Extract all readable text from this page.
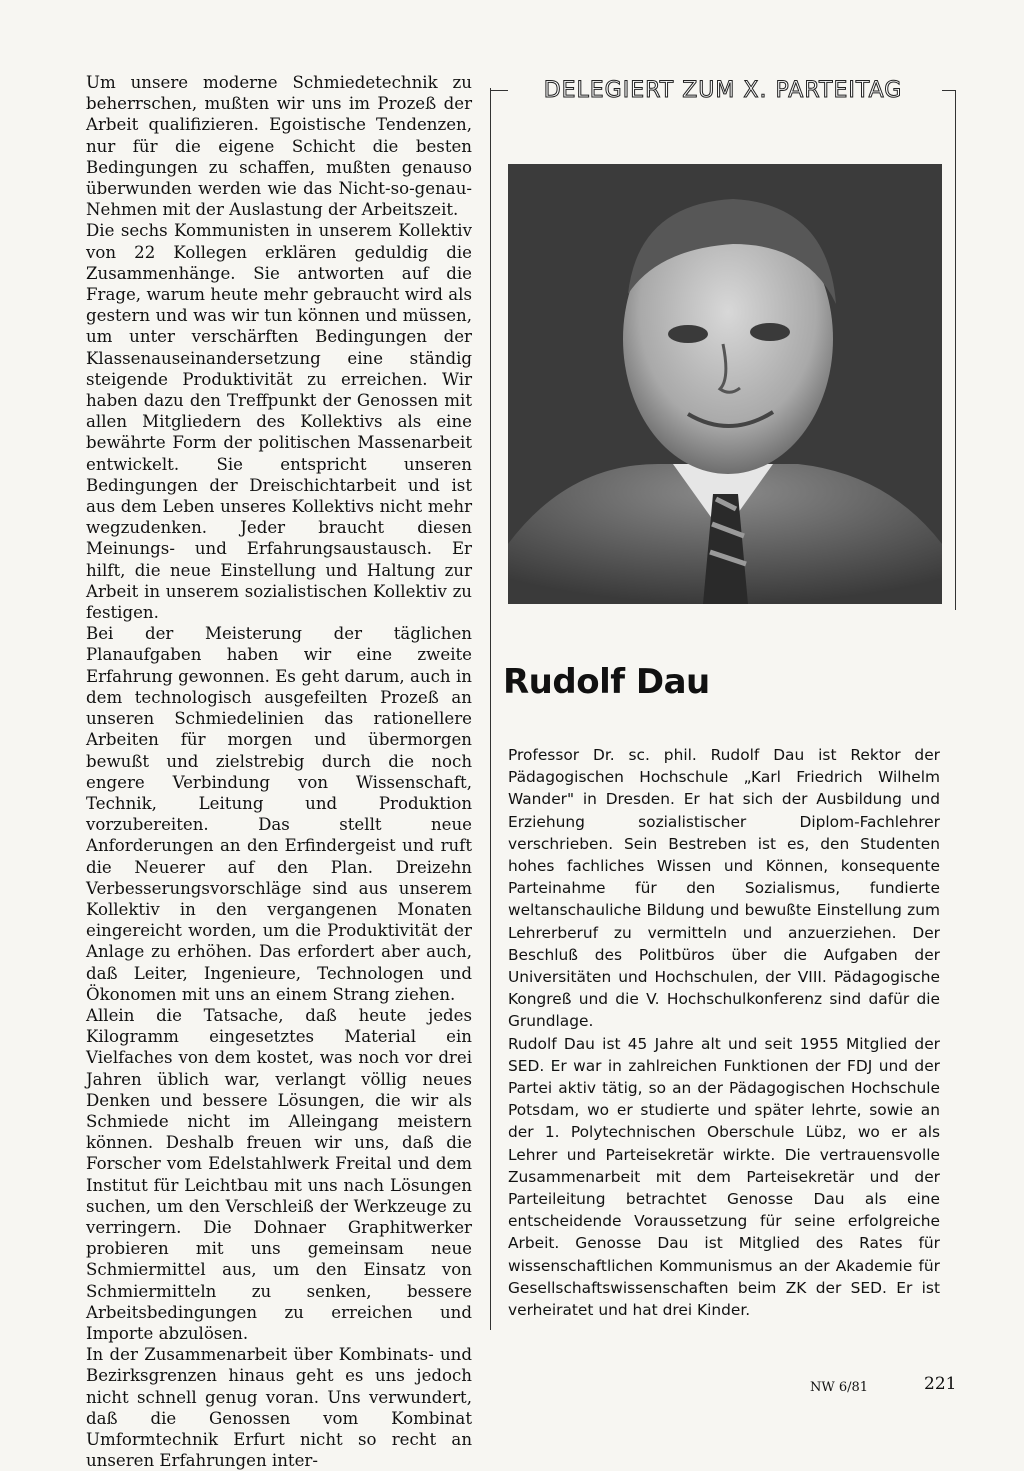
Um unsere moderne Schmiedetechnik zu beherrschen, mußten wir uns im Prozeß der Arbeit qualifizieren. Egoistische Tendenzen, nur für die eigene Schicht die besten Bedingungen zu schaffen, mußten genauso überwunden werden wie das Nicht-so-genau-Nehmen mit der Auslastung der Arbeitszeit.

Die sechs Kommunisten in unserem Kollektiv von 22 Kollegen erklären geduldig die Zusammenhänge. Sie antworten auf die Frage, warum heute mehr gebraucht wird als gestern und was wir tun können und müssen, um unter verschärften Bedingungen der Klassenauseinandersetzung eine ständig steigende Produktivität zu erreichen. Wir haben dazu den Treffpunkt der Genossen mit allen Mitgliedern des Kollektivs als eine bewährte Form der politischen Massenarbeit entwickelt. Sie entspricht unseren Bedingungen der Dreischichtarbeit und ist aus dem Leben unseres Kollektivs nicht mehr wegzudenken. Jeder braucht diesen Meinungs- und Erfahrungsaustausch. Er hilft, die neue Einstellung und Haltung zur Arbeit in unserem sozialistischen Kollektiv zu festigen.

Bei der Meisterung der täglichen Planaufgaben haben wir eine zweite Erfahrung gewonnen. Es geht darum, auch in dem technologisch ausgefeilten Prozeß an unseren Schmiedelinien das rationellere Arbeiten für morgen und übermorgen bewußt und zielstrebig durch die noch engere Verbindung von Wissenschaft, Technik, Leitung und Produktion vorzubereiten. Das stellt neue Anforderungen an den Erfindergeist und ruft die Neuerer auf den Plan. Dreizehn Verbesserungsvorschläge sind aus unserem Kollektiv in den vergangenen Monaten eingereicht worden, um die Produktivität der Anlage zu erhöhen. Das erfordert aber auch, daß Leiter, Ingenieure, Technologen und Ökonomen mit uns an einem Strang ziehen.

Allein die Tatsache, daß heute jedes Kilogramm eingesetztes Material ein Vielfaches von dem kostet, was noch vor drei Jahren üblich war, verlangt völlig neues Denken und bessere Lösungen, die wir als Schmiede nicht im Alleingang meistern können. Deshalb freuen wir uns, daß die Forscher vom Edelstahlwerk Freital und dem Institut für Leichtbau mit uns nach Lösungen suchen, um den Verschleiß der Werkzeuge zu verringern. Die Dohnaer Graphitwerker probieren mit uns gemeinsam neue Schmiermittel aus, um den Einsatz von Schmiermitteln zu senken, bessere Arbeitsbedingungen zu erreichen und Importe abzulösen.

In der Zusammenarbeit über Kombinats- und Bezirksgrenzen hinaus geht es uns jedoch nicht schnell genug voran. Uns verwundert, daß die Genossen vom Kombinat Umformtechnik Erfurt nicht so recht an unseren Erfahrungen inter-

DELEGIERT ZUM X. PARTEITAG
Rudolf Dau

Professor Dr. sc. phil. Rudolf Dau ist Rektor der Pädagogischen Hochschule „Karl Friedrich Wilhelm Wander" in Dresden. Er hat sich der Ausbildung und Erziehung sozialistischer Diplom-Fachlehrer verschrieben. Sein Bestreben ist es, den Studenten hohes fachliches Wissen und Können, konsequente Parteinahme für den Sozialismus, fundierte weltanschauliche Bildung und bewußte Einstellung zum Lehrerberuf zu vermitteln und anzuerziehen. Der Beschluß des Politbüros über die Aufgaben der Universitäten und Hochschulen, der VIII. Pädagogische Kongreß und die V. Hochschulkonferenz sind dafür die Grundlage.

Rudolf Dau ist 45 Jahre alt und seit 1955 Mitglied der SED. Er war in zahlreichen Funktionen der FDJ und der Partei aktiv tätig, so an der Pädagogischen Hochschule Potsdam, wo er studierte und später lehrte, sowie an der 1. Polytechnischen Oberschule Lübz, wo er als Lehrer und Parteisekretär wirkte. Die vertrauensvolle Zusammenarbeit mit dem Parteisekretär und der Parteileitung betrachtet Genosse Dau als eine entscheidende Voraussetzung für seine erfolgreiche Arbeit. Genosse Dau ist Mitglied des Rates für wissenschaftlichen Kommunismus an der Akademie für Gesellschaftswissenschaften beim ZK der SED. Er ist verheiratet und hat drei Kinder.

NW 6/81	221
